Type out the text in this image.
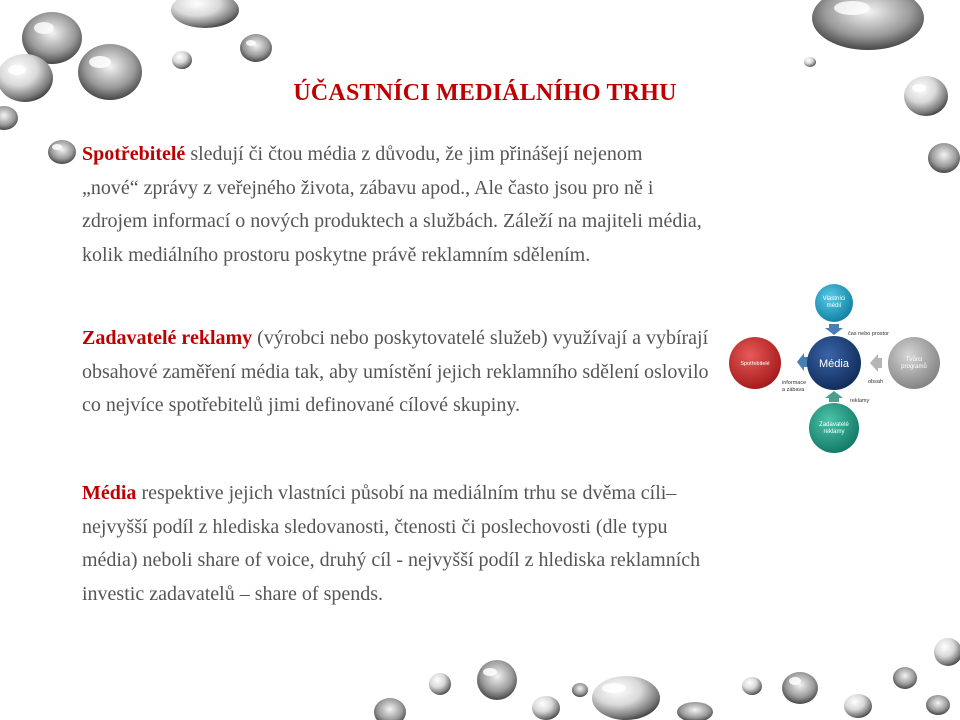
ÚČASTNÍCI MEDIÁLNÍHO TRHU

Spotřebitelé sledují či čtou média z důvodu, že jim přinášejí nejenom „nové“ zprávy z veřejného života, zábavu apod., Ale často jsou pro ně i zdrojem informací o nových produktech a službách. Záleží na majiteli média, kolik mediálního prostoru poskytne právě reklamním sdělením.

Zadavatelé reklamy (výrobci nebo poskytovatelé služeb) využívají a vybírají obsahové zaměření média tak, aby umístění jejich reklamního sdělení oslovilo co nejvíce spotřebitelů jimi definované cílové skupiny.

Média respektive jejich vlastníci působí na mediálním trhu se dvěma cíli– nejvyšší podíl z hlediska sledovanosti, čtenosti či poslechovosti (dle typu média) neboli share of voice, druhý cíl - nejvyšší podíl z hlediska reklamních investic zadavatelů – share of spends.

Vlastníci
médií
Média
Spotřebitelé
Tvůrci
programů
Zadavatelé
reklamy
čas nebo prostor
informace
a zábava
obsah
reklamy
